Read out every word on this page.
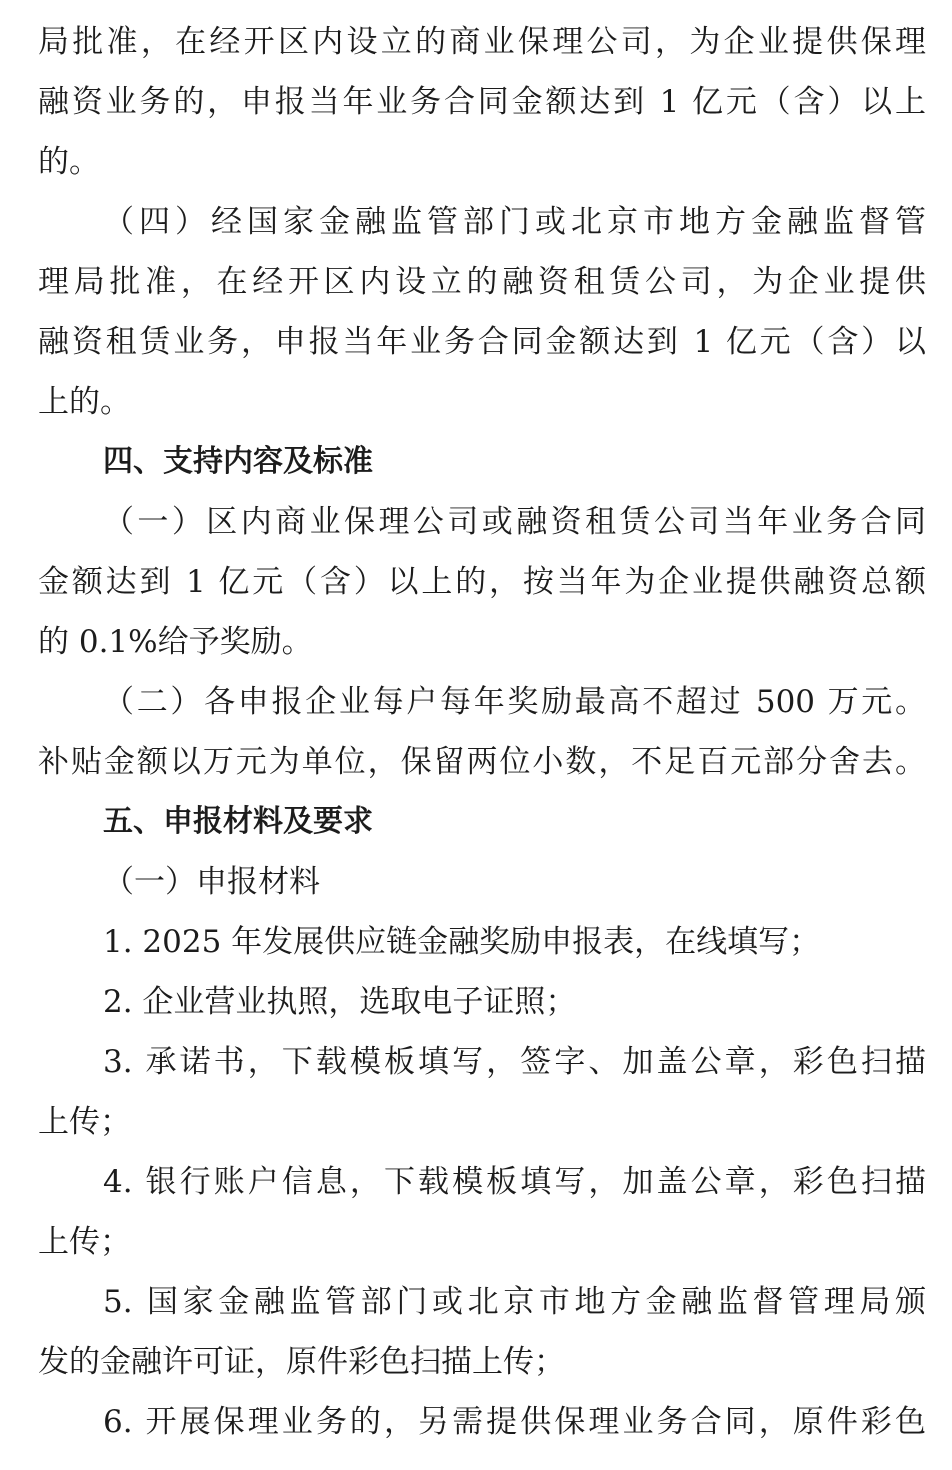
局批准，在经开区内设立的商业保理公司，为企业提供保理
融资业务的，申报当年业务合同金额达到 1 亿元（含）以上
的。
（四）经国家金融监管部门或北京市地方金融监督管
理局批准，在经开区内设立的融资租赁公司，为企业提供
融资租赁业务，申报当年业务合同金额达到 1 亿元（含）以
上的。
四、支持内容及标准
（一）区内商业保理公司或融资租赁公司当年业务合同
金额达到 1 亿元（含）以上的，按当年为企业提供融资总额
的 0.1%给予奖励。
（二）各申报企业每户每年奖励最高不超过 500 万元。
补贴金额以万元为单位，保留两位小数，不足百元部分舍去。
五、申报材料及要求
（一）申报材料
1. 2025 年发展供应链金融奖励申报表，在线填写；
2. 企业营业执照，选取电子证照；
3. 承诺书，下载模板填写，签字、加盖公章，彩色扫描
上传；
4. 银行账户信息，下载模板填写，加盖公章，彩色扫描
上传；
5. 国家金融监管部门或北京市地方金融监督管理局颁
发的金融许可证，原件彩色扫描上传；
6. 开展保理业务的，另需提供保理业务合同，原件彩色
